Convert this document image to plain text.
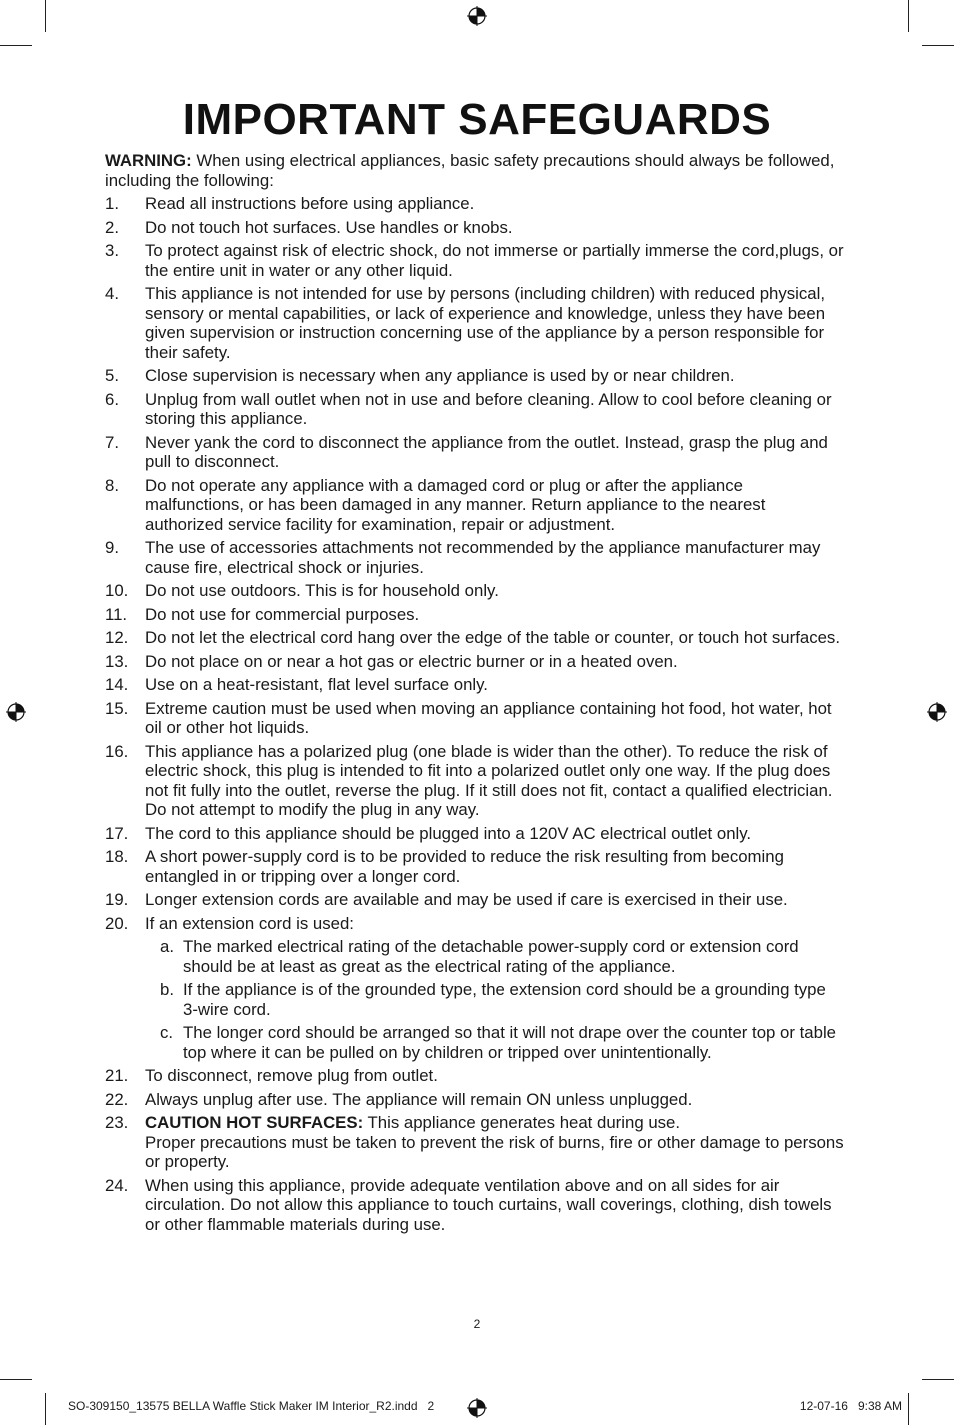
IMPORTANT SAFEGUARDS

WARNING: When using electrical appliances, basic safety precautions should always be followed, including the following:

1. Read all instructions before using appliance.
2. Do not touch hot surfaces. Use handles or knobs.
3. To protect against risk of electric shock, do not immerse or partially immerse the cord,plugs, or the entire unit in water or any other liquid.
4. This appliance is not intended for use by persons (including children) with reduced physical, sensory or mental capabilities, or lack of experience and knowledge, unless they have been given supervision or instruction concerning use of the appliance by a person responsible for their safety.
5. Close supervision is necessary when any appliance is used by or near children.
6. Unplug from wall outlet when not in use and before cleaning. Allow to cool before cleaning or storing this appliance.
7. Never yank the cord to disconnect the appliance from the outlet. Instead, grasp the plug and pull to disconnect.
8. Do not operate any appliance with a damaged cord or plug or after the appliance malfunctions, or has been damaged in any manner. Return appliance to the nearest authorized service facility for examination, repair or adjustment.
9. The use of accessories attachments not recommended by the appliance manufacturer may cause fire, electrical shock or injuries.
10. Do not use outdoors. This is for household only.
11. Do not use for commercial purposes.
12. Do not let the electrical cord hang over the edge of the table or counter, or touch hot surfaces.
13. Do not place on or near a hot gas or electric burner or in a heated oven.
14. Use on a heat-resistant, flat level surface only.
15. Extreme caution must be used when moving an appliance containing hot food, hot water, hot oil or other hot liquids.
16. This appliance has a polarized plug (one blade is wider than the other). To reduce the risk of electric shock, this plug is intended to fit into a polarized outlet only one way. If the plug does not fit fully into the outlet, reverse the plug. If it still does not fit, contact a qualified electrician. Do not attempt to modify the plug in any way.
17. The cord to this appliance should be plugged into a 120V AC electrical outlet only.
18. A short power-supply cord is to be provided to reduce the risk resulting from becoming entangled in or tripping over a longer cord.
19. Longer extension cords are available and may be used if care is exercised in their use.
20. If an extension cord is used:
a. The marked electrical rating of the detachable power-supply cord or extension cord should be at least as great as the electrical rating of the appliance.
b. If the appliance is of the grounded type, the extension cord should be a grounding type 3-wire cord.
c. The longer cord should be arranged so that it will not drape over the counter top or table top where it can be pulled on by children or tripped over unintentionally.
21. To disconnect, remove plug from outlet.
22. Always unplug after use. The appliance will remain ON unless unplugged.
23. CAUTION HOT SURFACES: This appliance generates heat during use.
Proper precautions must be taken to prevent the risk of burns, fire or other damage to persons or property.
24. When using this appliance, provide adequate ventilation above and on all sides for air circulation. Do not allow this appliance to touch curtains, wall coverings, clothing, dish towels or other flammable materials during use.
2
SO-309150_13575 BELLA Waffle Stick Maker IM Interior_R2.indd 2	12-07-16 9:38 AM
